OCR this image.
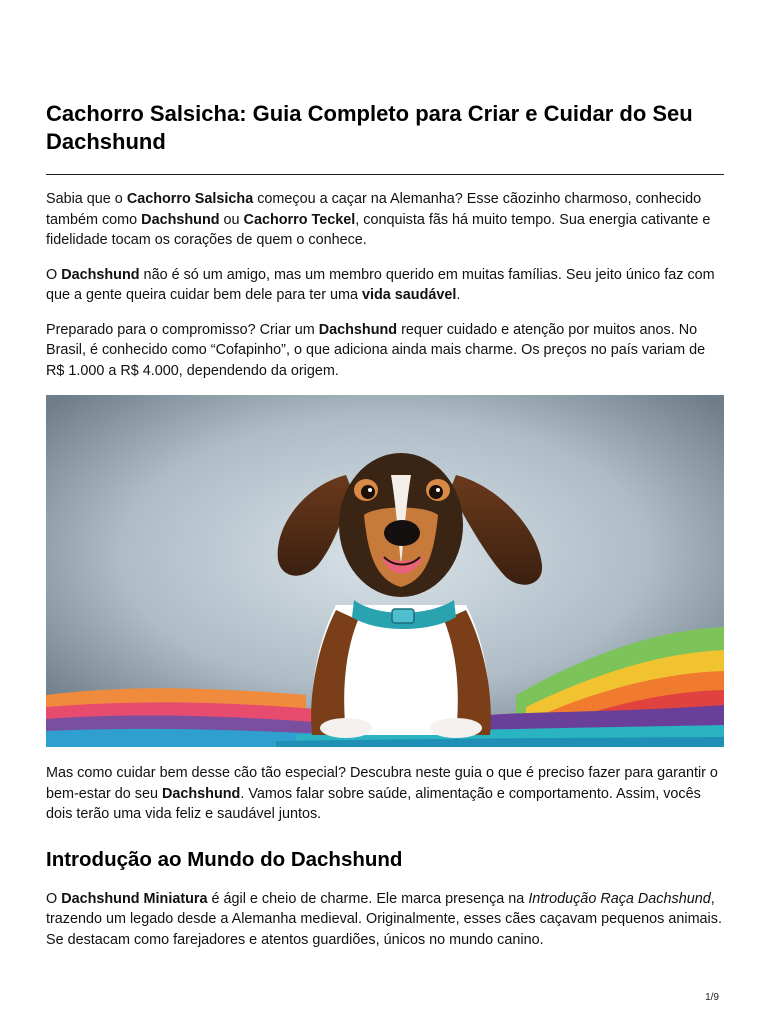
Cachorro Salsicha: Guia Completo para Criar e Cuidar do Seu Dachshund

Sabia que o Cachorro Salsicha começou a caçar na Alemanha? Esse cãozinho charmoso, conhecido também como Dachshund ou Cachorro Teckel, conquista fãs há muito tempo. Sua energia cativante e fidelidade tocam os corações de quem o conhece.

O Dachshund não é só um amigo, mas um membro querido em muitas famílias. Seu jeito único faz com que a gente queira cuidar bem dele para ter uma vida saudável.

Preparado para o compromisso? Criar um Dachshund requer cuidado e atenção por muitos anos. No Brasil, é conhecido como “Cofapinho”, o que adiciona ainda mais charme. Os preços no país variam de R$ 1.000 a R$ 4.000, dependendo da origem.

Mas como cuidar bem desse cão tão especial? Descubra neste guia o que é preciso fazer para garantir o bem-estar do seu Dachshund. Vamos falar sobre saúde, alimentação e comportamento. Assim, vocês dois terão uma vida feliz e saudável juntos.

Introdução ao Mundo do Dachshund

O Dachshund Miniatura é ágil e cheio de charme. Ele marca presença na Introdução Raça Dachshund, trazendo um legado desde a Alemanha medieval. Originalmente, esses cães caçavam pequenos animais. Se destacam como farejadores e atentos guardiões, únicos no mundo canino.

1/9
